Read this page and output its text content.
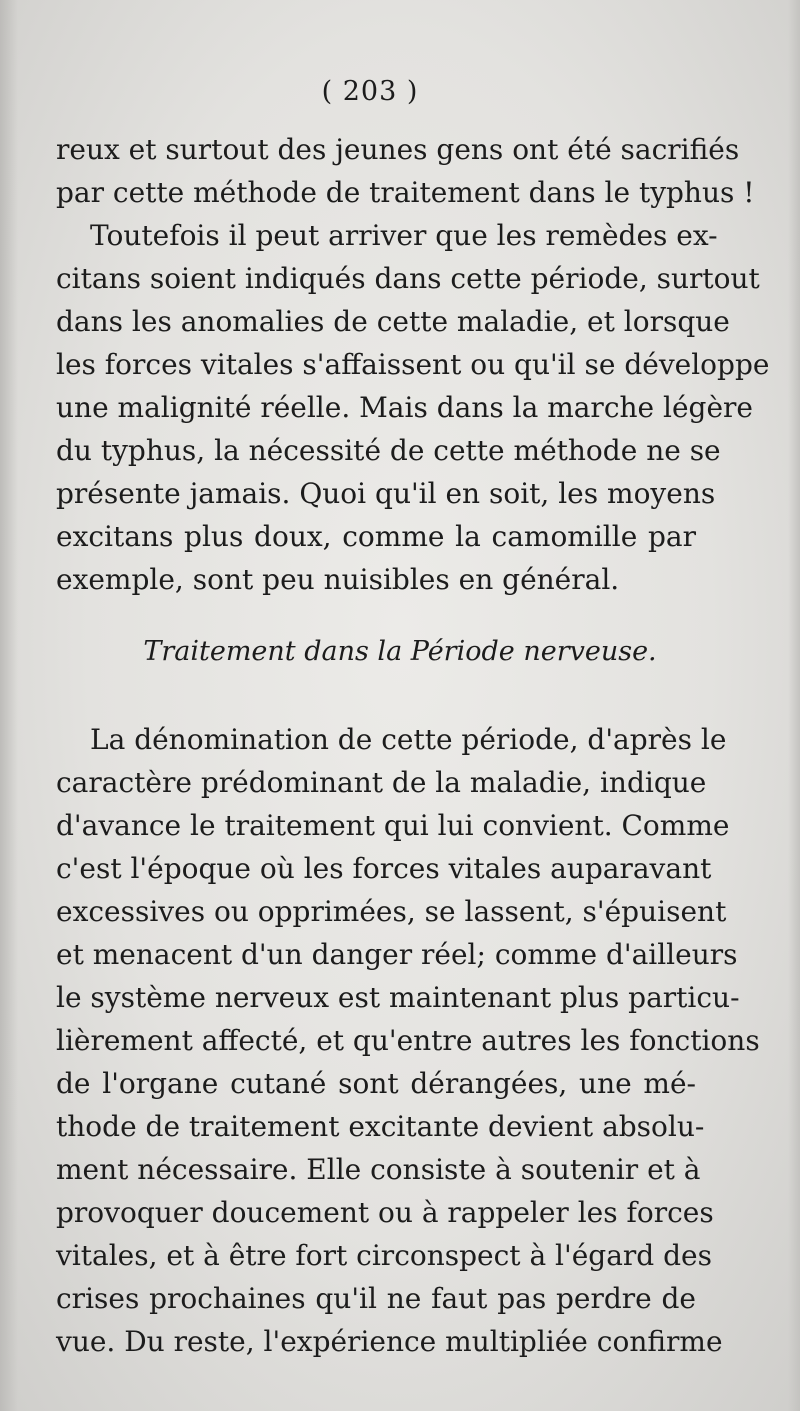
( 203 )
reux et surtout des jeunes gens ont été sacrifiés
par cette méthode de traitement dans le typhus !
Toutefois il peut arriver que les remèdes ex-
citans soient indiqués dans cette période, surtout
dans les anomalies de cette maladie, et lorsque
les forces vitales s'affaissent ou qu'il se développe
une malignité réelle. Mais dans la marche légère
du typhus, la nécessité de cette méthode ne se
présente jamais. Quoi qu'il en soit, les moyens
excitans plus doux, comme la camomille par
exemple, sont peu nuisibles en général.
Traitement dans la Période nerveuse.
La dénomination de cette période, d'après le
caractère prédominant de la maladie, indique
d'avance le traitement qui lui convient. Comme
c'est l'époque où les forces vitales auparavant
excessives ou opprimées, se lassent, s'épuisent
et menacent d'un danger réel; comme d'ailleurs
le système nerveux est maintenant plus particu-
lièrement affecté, et qu'entre autres les fonctions
de l'organe cutané sont dérangées, une mé-
thode de traitement excitante devient absolu-
ment nécessaire. Elle consiste à soutenir et à
provoquer doucement ou à rappeler les forces
vitales, et à être fort circonspect à l'égard des
crises prochaines qu'il ne faut pas perdre de
vue. Du reste, l'expérience multipliée confirme
